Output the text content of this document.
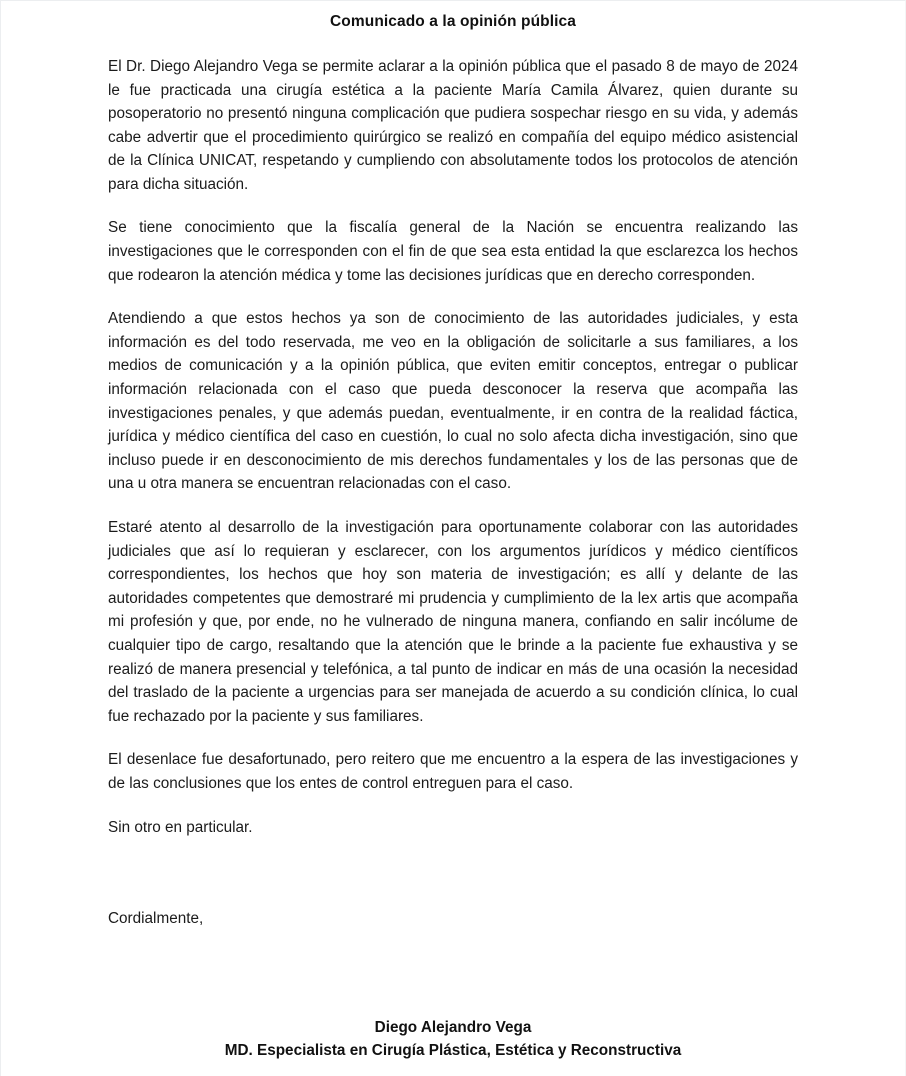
Comunicado a la opinión pública

El Dr. Diego Alejandro Vega se permite aclarar a la opinión pública que el pasado 8 de mayo de 2024 le fue practicada una cirugía estética a la paciente María Camila Álvarez, quien durante su posoperatorio no presentó ninguna complicación que pudiera sospechar riesgo en su vida, y además cabe advertir que el procedimiento quirúrgico se realizó en compañía del equipo médico asistencial de la Clínica UNICAT, respetando y cumpliendo con absolutamente todos los protocolos de atención para dicha situación.

Se tiene conocimiento que la fiscalía general de la Nación se encuentra realizando las investigaciones que le corresponden con el fin de que sea esta entidad la que esclarezca los hechos que rodearon la atención médica y tome las decisiones jurídicas que en derecho corresponden.

Atendiendo a que estos hechos ya son de conocimiento de las autoridades judiciales, y esta información es del todo reservada, me veo en la obligación de solicitarle a sus familiares, a los medios de comunicación y a la opinión pública, que eviten emitir conceptos, entregar o publicar información relacionada con el caso que pueda desconocer la reserva que acompaña las investigaciones penales, y que además puedan, eventualmente, ir en contra de la realidad fáctica, jurídica y médico científica del caso en cuestión, lo cual no solo afecta dicha investigación, sino que incluso puede ir en desconocimiento de mis derechos fundamentales y los de las personas que de una u otra manera se encuentran relacionadas con el caso.

Estaré atento al desarrollo de la investigación para oportunamente colaborar con las autoridades judiciales que así lo requieran y esclarecer, con los argumentos jurídicos y médico científicos correspondientes, los hechos que hoy son materia de investigación; es allí y delante de las autoridades competentes que demostraré mi prudencia y cumplimiento de la lex artis que acompaña mi profesión y que, por ende, no he vulnerado de ninguna manera, confiando en salir incólume de cualquier tipo de cargo, resaltando que la atención que le brinde a la paciente fue exhaustiva y se realizó de manera presencial y telefónica, a tal punto de indicar en más de una ocasión la necesidad del traslado de la paciente a urgencias para ser manejada de acuerdo a su condición clínica, lo cual fue rechazado por la paciente y sus familiares.

El desenlace fue desafortunado, pero reitero que me encuentro a la espera de las investigaciones y de las conclusiones que los entes de control entreguen para el caso.

Sin otro en particular.

Cordialmente,

Diego Alejandro Vega
MD. Especialista en Cirugía Plástica, Estética y Reconstructiva
